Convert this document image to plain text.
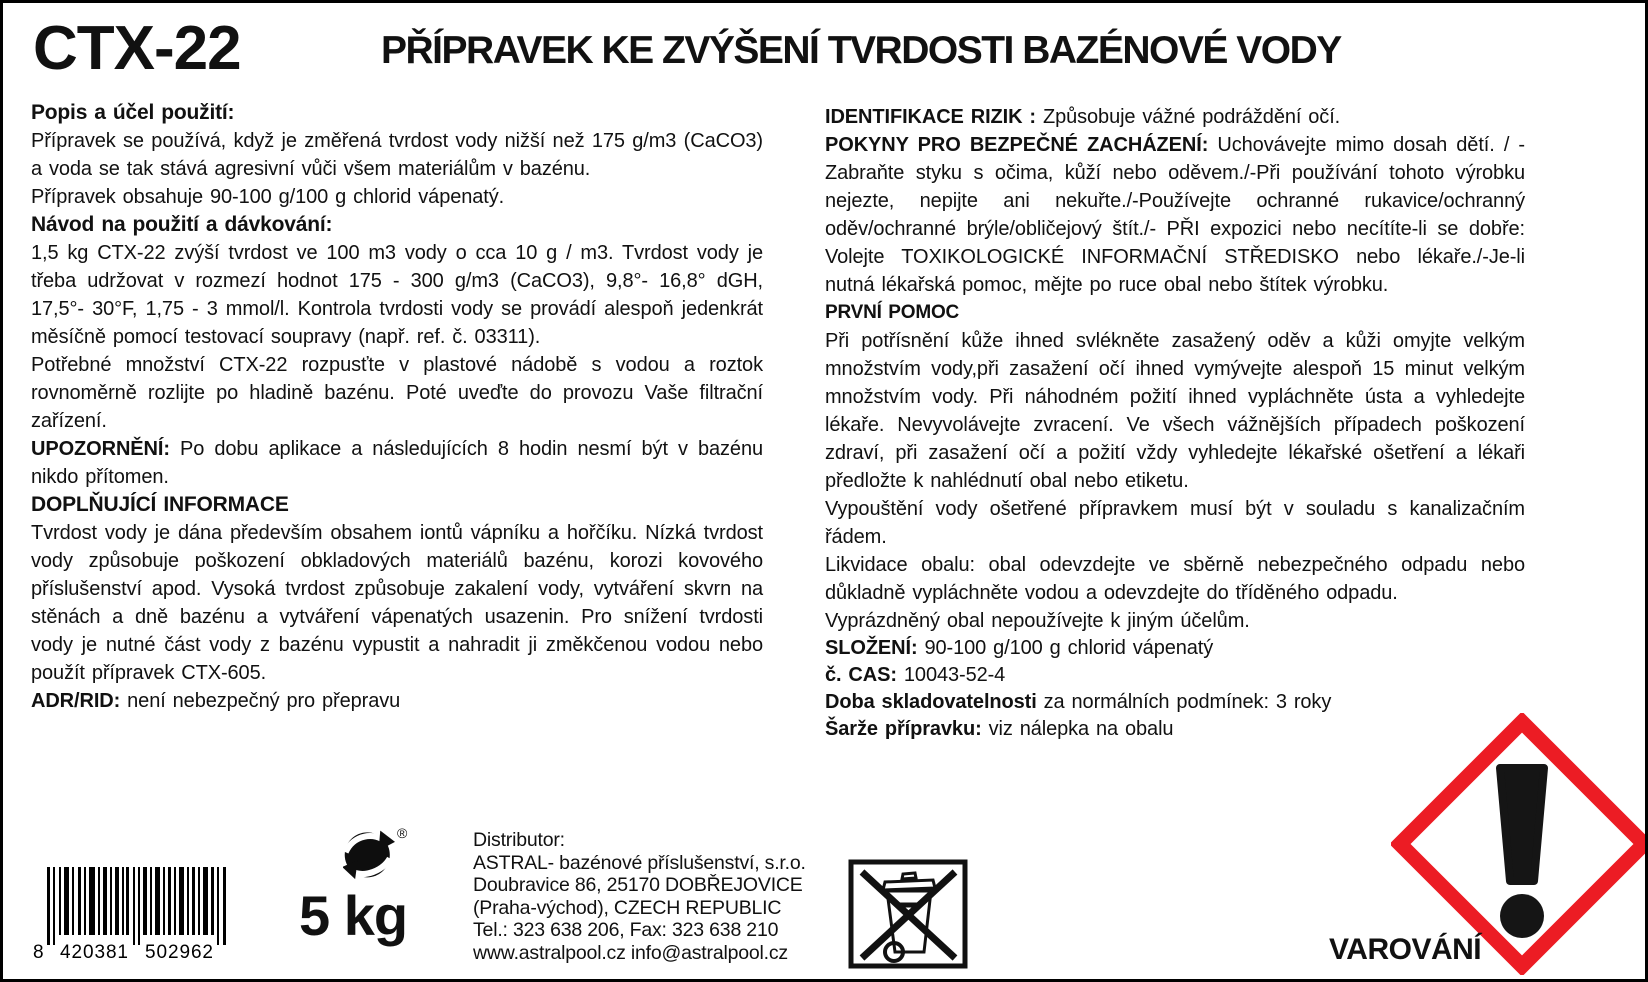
CTX-22	PŘÍPRAVEK KE ZVÝŠENÍ TVRDOSTI BAZÉNOVÉ VODY
Popis a účel použití:

Přípravek se používá, když je změřená tvrdost vody nižší než 175 g/m3 (CaCO3) a voda se tak stává agresivní vůči všem materiálům v bazénu.

Přípravek obsahuje 90-100 g/100 g chlorid vápenatý.

Návod na použití a dávkování:

1,5 kg CTX-22 zvýší tvrdost ve 100 m3 vody o cca 10 g / m3. Tvrdost vody je třeba udržovat v rozmezí hodnot 175 - 300 g/m3 (CaCO3), 9,8°- 16,8° dGH, 17,5°- 30°F, 1,75 - 3 mmol/l. Kontrola tvrdosti vody se provádí alespoň jedenkrát měsíčně pomocí testovací soupravy (např. ref. č. 03311).

Potřebné množství CTX-22 rozpusťte v plastové nádobě s vodou a roztok rovnoměrně rozlijte po hladině bazénu. Poté uveďte do provozu Vaše filtrační zařízení.

UPOZORNĚNÍ: Po dobu aplikace a následujících 8 hodin nesmí být v bazénu nikdo přítomen.

DOPLŇUJÍCÍ INFORMACE

Tvrdost vody je dána především obsahem iontů vápníku a hořčíku. Nízká tvrdost vody způsobuje poškození obkladových materiálů bazénu, korozi kovového příslušenství apod. Vysoká tvrdost způsobuje zakalení vody, vytváření skvrn na stěnách a dně bazénu a vytváření vápenatých usazenin. Pro snížení tvrdosti vody je nutné část vody z bazénu vypustit a nahradit ji změkčenou vodou nebo použít přípravek CTX-605.

ADR/RID: není nebezpečný pro přepravu

IDENTIFIKACE RIZIK : Způsobuje vážné podráždění očí.

POKYNY PRO BEZPEČNÉ ZACHÁZENÍ: Uchovávejte mimo dosah dětí. / - Zabraňte styku s očima, kůží nebo oděvem./-Při používání tohoto výrobku nejezte, nepijte ani nekuřte./-Používejte ochranné rukavice/ochranný oděv/ochranné brýle/obličejový štít./- PŘI expozici nebo necítíte-li se dobře: Volejte TOXIKOLOGICKÉ INFORMAČNÍ STŘEDISKO nebo lékaře./-Je-li nutná lékařská pomoc, mějte po ruce obal nebo štítek výrobku.

PRVNÍ POMOC

Při potřísnění kůže ihned svlékněte zasažený oděv a kůži omyjte velkým množstvím vody,při zasažení očí ihned vymývejte alespoň 15 minut velkým množstvím vody. Při náhodném požití ihned vypláchněte ústa a vyhledejte lékaře. Nevyvolávejte zvracení. Ve všech vážnějších případech poškození zdraví, při zasažení očí a požití vždy vyhledejte lékařské ošetření a lékaři předložte k nahlédnutí obal nebo etiketu.

Vypouštění vody ošetřené přípravkem musí být v souladu s kanalizačním řádem.

Likvidace obalu: obal odevzdejte ve sběrně nebezpečného odpadu nebo důkladně vypláchněte vodou a odevzdejte do tříděného odpadu.

Vyprázdněný obal nepoužívejte k jiným účelům.

SLOŽENÍ: 90-100 g/100 g chlorid vápenatý

č. CAS: 10043-52-4

Doba skladovatelnosti za normálních podmínek: 3 roky

Šarže přípravku: viz nálepka na obalu

8 420381 502962
®
5 kg
Distributor:
ASTRAL- bazénové příslušenství, s.r.o.
Doubravice 86, 25170 DOBŘEJOVICE
(Praha-východ), CZECH REPUBLIC
Tel.: 323 638 206, Fax: 323 638 210
www.astralpool.cz info@astralpool.cz	VAROVÁNÍ
